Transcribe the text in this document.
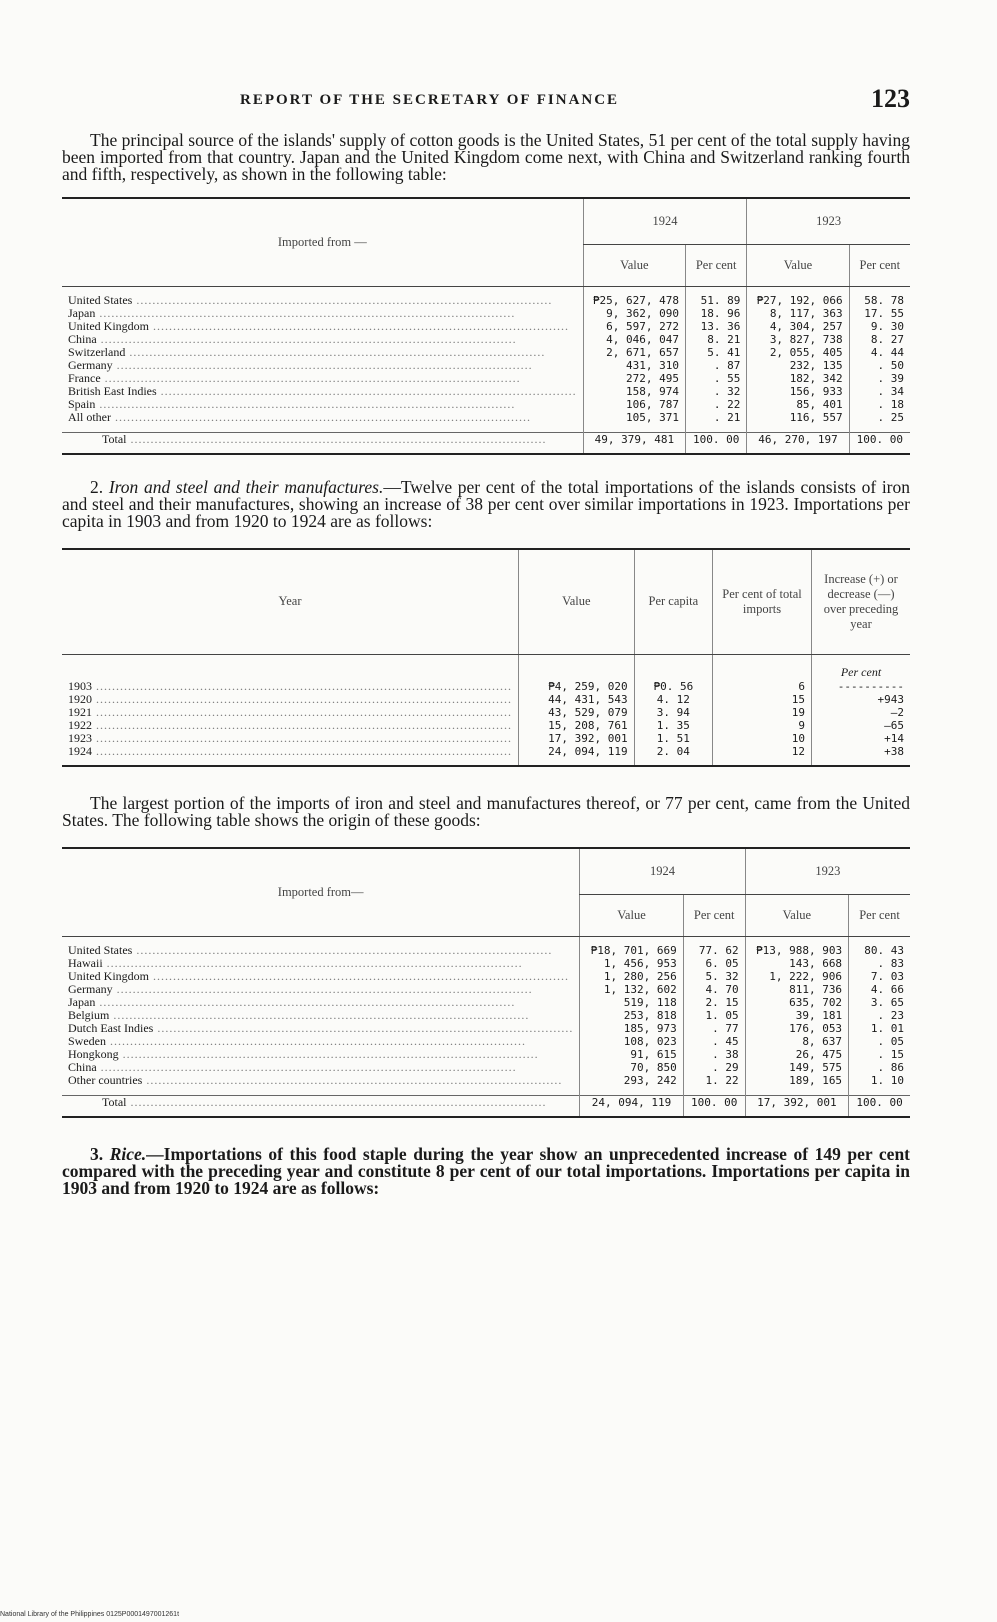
REPORT OF THE SECRETARY OF FINANCE	123

The principal source of the islands' supply of cotton goods is the United States, 51 per cent of the total supply having been imported from that country. Japan and the United Kingdom come next, with China and Switzerland ranking fourth and fifth, respectively, as shown in the following table:

Imported from —	1924		1923	
	Value	Per cent	Value	Per cent

United States ........................................................................................................	₱25, 627, 478	51. 89	₱27, 192, 066	58. 78
Japan ........................................................................................................	9, 362, 090	18. 96	8, 117, 363	17. 55
United Kingdom ........................................................................................................	6, 597, 272	13. 36	4, 304, 257	9. 30
China ........................................................................................................	4, 046, 047	8. 21	3, 827, 738	8. 27
Switzerland ........................................................................................................	2, 671, 657	5. 41	2, 055, 405	4. 44
Germany ........................................................................................................	431, 310	. 87	232, 135	. 50
France ........................................................................................................	272, 495	. 55	182, 342	. 39
British East Indies ........................................................................................................	158, 974	. 32	156, 933	. 34
Spain ........................................................................................................	106, 787	. 22	85, 401	. 18
All other ........................................................................................................	105, 371	. 21	116, 557	. 25

Total ........................................................................................................	49, 379, 481	100. 00	46, 270, 197	100. 00

2. Iron and steel and their manufactures.—Twelve per cent of the total importations of the islands consists of iron and steel and their manufactures, showing an increase of 38 per cent over similar importations in 1923. Importations per capita in 1903 and from 1920 to 1924 are as follows:

Year	Value	Per capita	Per cent of total imports	Increase (+) or decrease (—) over preceding year
				Per cent
1903 ........................................................................................................	₱4, 259, 020	₱0. 56	6	----------
1920 ........................................................................................................	44, 431, 543	4. 12	15	+943
1921 ........................................................................................................	43, 529, 079	3. 94	19	—2
1922 ........................................................................................................	15, 208, 761	1. 35	9	—65
1923 ........................................................................................................	17, 392, 001	1. 51	10	+14
1924 ........................................................................................................	24, 094, 119	2. 04	12	+38

The largest portion of the imports of iron and steel and manufactures thereof, or 77 per cent, came from the United States. The following table shows the origin of these goods:

Imported from—	1924		1923	
	Value	Per cent	Value	Per cent

United States ........................................................................................................	₱18, 701, 669	77. 62	₱13, 988, 903	80. 43
Hawaii ........................................................................................................	1, 456, 953	6. 05	143, 668	. 83
United Kingdom ........................................................................................................	1, 280, 256	5. 32	1, 222, 906	7. 03
Germany ........................................................................................................	1, 132, 602	4. 70	811, 736	4. 66
Japan ........................................................................................................	519, 118	2. 15	635, 702	3. 65
Belgium ........................................................................................................	253, 818	1. 05	39, 181	. 23
Dutch East Indies ........................................................................................................	185, 973	. 77	176, 053	1. 01
Sweden ........................................................................................................	108, 023	. 45	8, 637	. 05
Hongkong ........................................................................................................	91, 615	. 38	26, 475	. 15
China ........................................................................................................	70, 850	. 29	149, 575	. 86
Other countries ........................................................................................................	293, 242	1. 22	189, 165	1. 10

Total ........................................................................................................	24, 094, 119	100. 00	17, 392, 001	100. 00

3. Rice.—Importations of this food staple during the year show an unprecedented increase of 149 per cent compared with the preceding year and constitute 8 per cent of our total importations. Importations per capita in 1903 and from 1920 to 1924 are as follows:

National Library of the Philippines 0125P0001497001261t
